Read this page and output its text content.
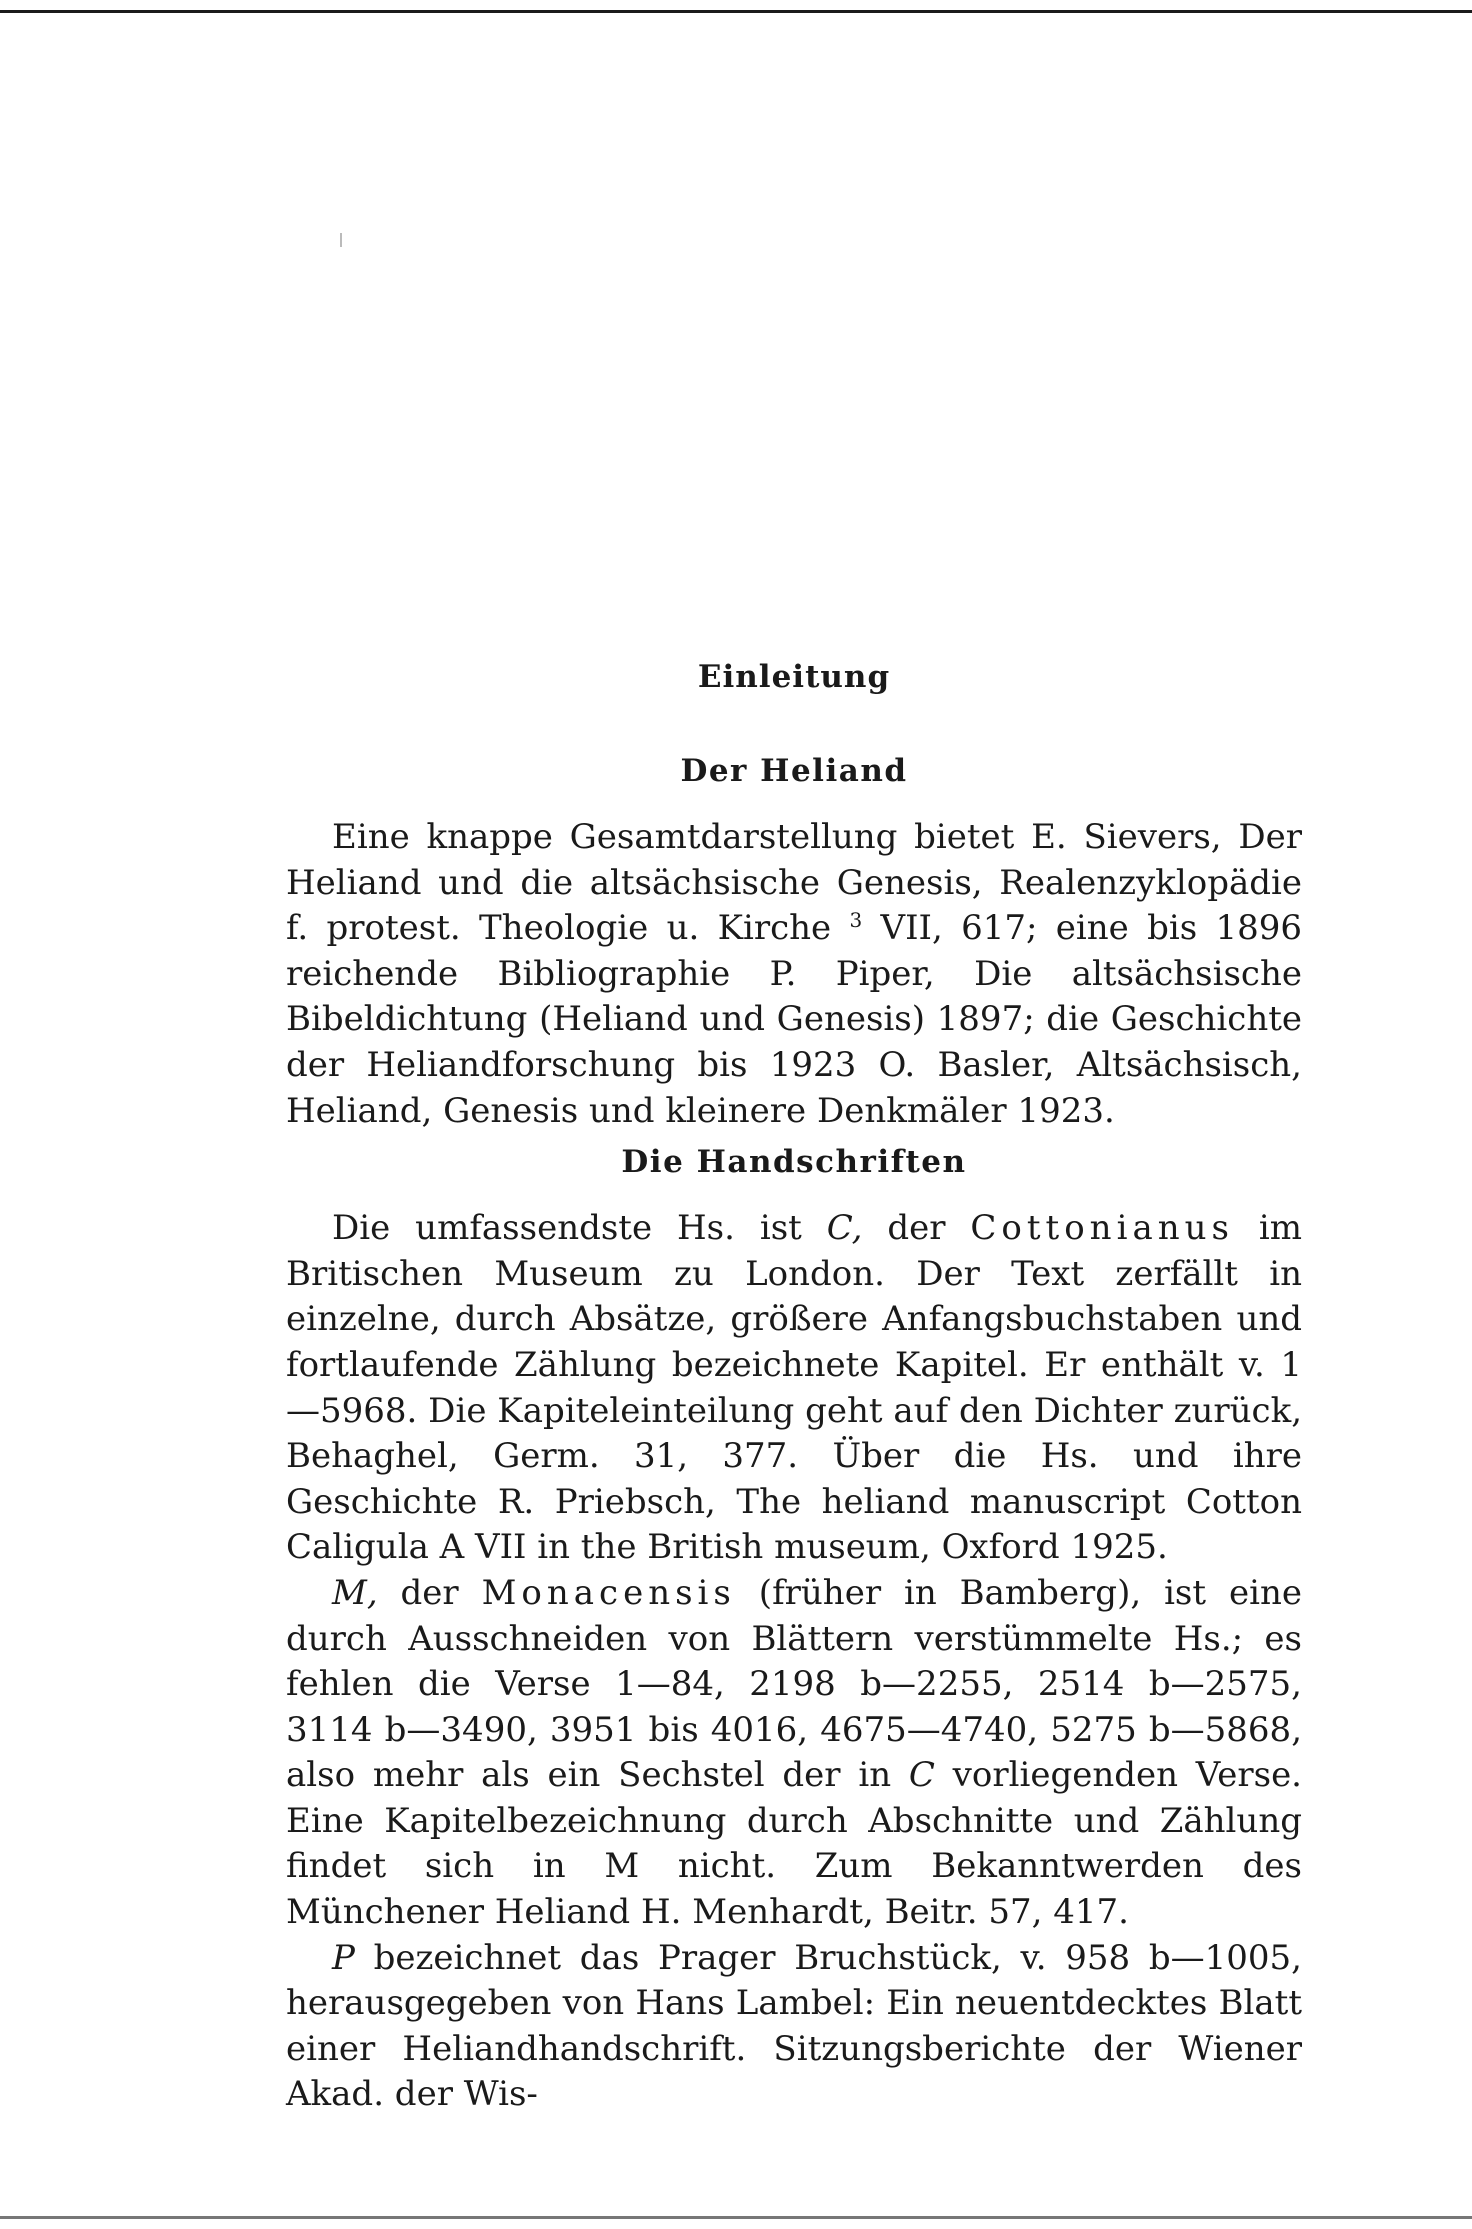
Einleitung
Der Heliand

Eine knappe Gesamtdarstellung bietet E. Sievers, Der Heliand und die altsächsische Genesis, Realenzyklopädie f. protest. Theologie u. Kirche $^3$ VII, 617; eine bis 1896 reichende Bibliographie P. Piper, Die altsächsische Bibeldichtung (Heliand und Genesis) 1897; die Geschichte der Heliandforschung bis 1923 O. Basler, Altsächsisch, Heliand, Genesis und kleinere Denkmäler 1923.

Die Handschriften

Die umfassendste Hs. ist C, der Cottonianus im Britischen Museum zu London. Der Text zerfällt in einzelne, durch Absätze, größere Anfangsbuchstaben und fortlaufende Zählung bezeichnete Kapitel. Er enthält v. 1—5968. Die Kapiteleinteilung geht auf den Dichter zurück, Behaghel, Germ. 31, 377. Über die Hs. und ihre Geschichte R. Priebsch, The heliand manuscript Cotton Caligula A VII in the British museum, Oxford 1925.

M, der Monacensis (früher in Bamberg), ist eine durch Ausschneiden von Blättern verstümmelte Hs.; es fehlen die Verse 1—84, 2198 b—2255, 2514 b—2575, 3114 b—3490, 3951 bis 4016, 4675—4740, 5275 b—5868, also mehr als ein Sechstel der in C vorliegenden Verse. Eine Kapitelbezeichnung durch Abschnitte und Zählung findet sich in M nicht. Zum Bekanntwerden des Münchener Heliand H. Menhardt, Beitr. 57, 417.

P bezeichnet das Prager Bruchstück, v. 958 b—1005, herausgegeben von Hans Lambel: Ein neuentdecktes Blatt einer Heliandhandschrift. Sitzungsberichte der Wiener Akad. der Wis-
